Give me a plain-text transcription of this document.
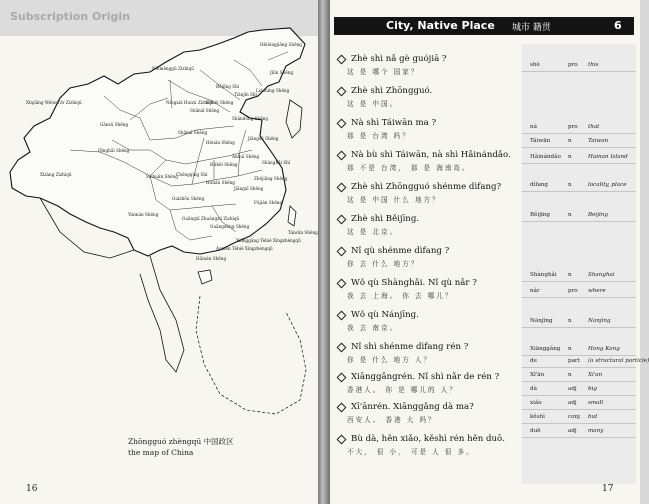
Subscription Origin
Hēilóngjiāng Shěng
Jílín Shěng
Liáoníng Shěng
Nèiměnggǔ Zìzhìqū
Běijīng Shì
Tiānjīn Shì
Héběi Shěng
Shānxī Shěng
Shāndōng Shěng
Xīnjiāng Wéiwú'ěr Zìzhìqū
Gānsù Shěng
Níngxià Huízú Zìzhìqū
Qīnghǎi Shěng
Shǎnxī Shěng
Hénán Shěng
Jiāngsū Shěng
Ānhuī Shěng
Shànghǎi Shì
Xīzàng Zìzhìqū	Sìchuān Shěng
Chóngqìng Shì
Húběi Shěng
Zhèjiāng Shěng
Húnán Shěng
Jiāngxī Shěng
Guìzhōu Shěng
Fújiàn Shěng
Yúnnán Shěng
Guǎngxī Zhuàngzú Zìzhìqū
Guǎngdōng Shěng
Táiwān Shěng
Xiānggǎng Tèbié Xíngzhèngqū
Àomén Tèbié Xíngzhèngqū
Hǎinán Shěng
Zhōngguó zhèngqū 中国政区
the map of China
16
City, Native Place 城市 籍贯	6
Zhè shì nǎ gè guójiā ?
这 是 哪个 国家？
Zhè shì Zhōngguó.
这 是 中国。
Nà shì Táiwān ma ?
那 是 台湾 吗？
Nà bù shì Táiwān, nà shì Hǎinándǎo.
那 不是 台湾， 那 是 海南岛。
Zhè shì Zhōngguó shénme dìfang?
这 是 中国 什么 地方？
Zhè shì Běijīng.
这 是 北京。
Nǐ qù shénme dìfang ?
你 去 什么 地方？
Wǒ qù Shànghǎi. Nǐ qù nǎr ?
我 去 上海。 你 去 哪儿？
Wǒ qù Nánjīng.
我 去 南京。
Nǐ shì shénme dìfang rén ?
你 是 什么 地方 人？
Xiānggǎngrén. Nǐ shì nǎr de rén ?
香港人。 你 是 哪儿的 人？
Xī'ānrén. Xiānggǎng dà ma?
西安人。 香港 大 吗？
Bù dà, hěn xiǎo, kěshì rén hěn duō.
不大， 很 小， 可是 人 很 多。
shè	pro this
nà	pro that
Táiwān	n	Taiwan
Hǎinándǎo n	Hainan Island
dìfang	n	locality, place
Běijīng	n	Beijing
Shànghǎi n	Shanghai
nǎr	pro where
Nánjīng	n	Nanjing
Xiānggǎng n	Hong Kong
de	part (a structural particle)
Xī'ān	n	Xi'an
dà	adj big
xiǎo	adj small
kěshì	conj but
duō	adj many
17
